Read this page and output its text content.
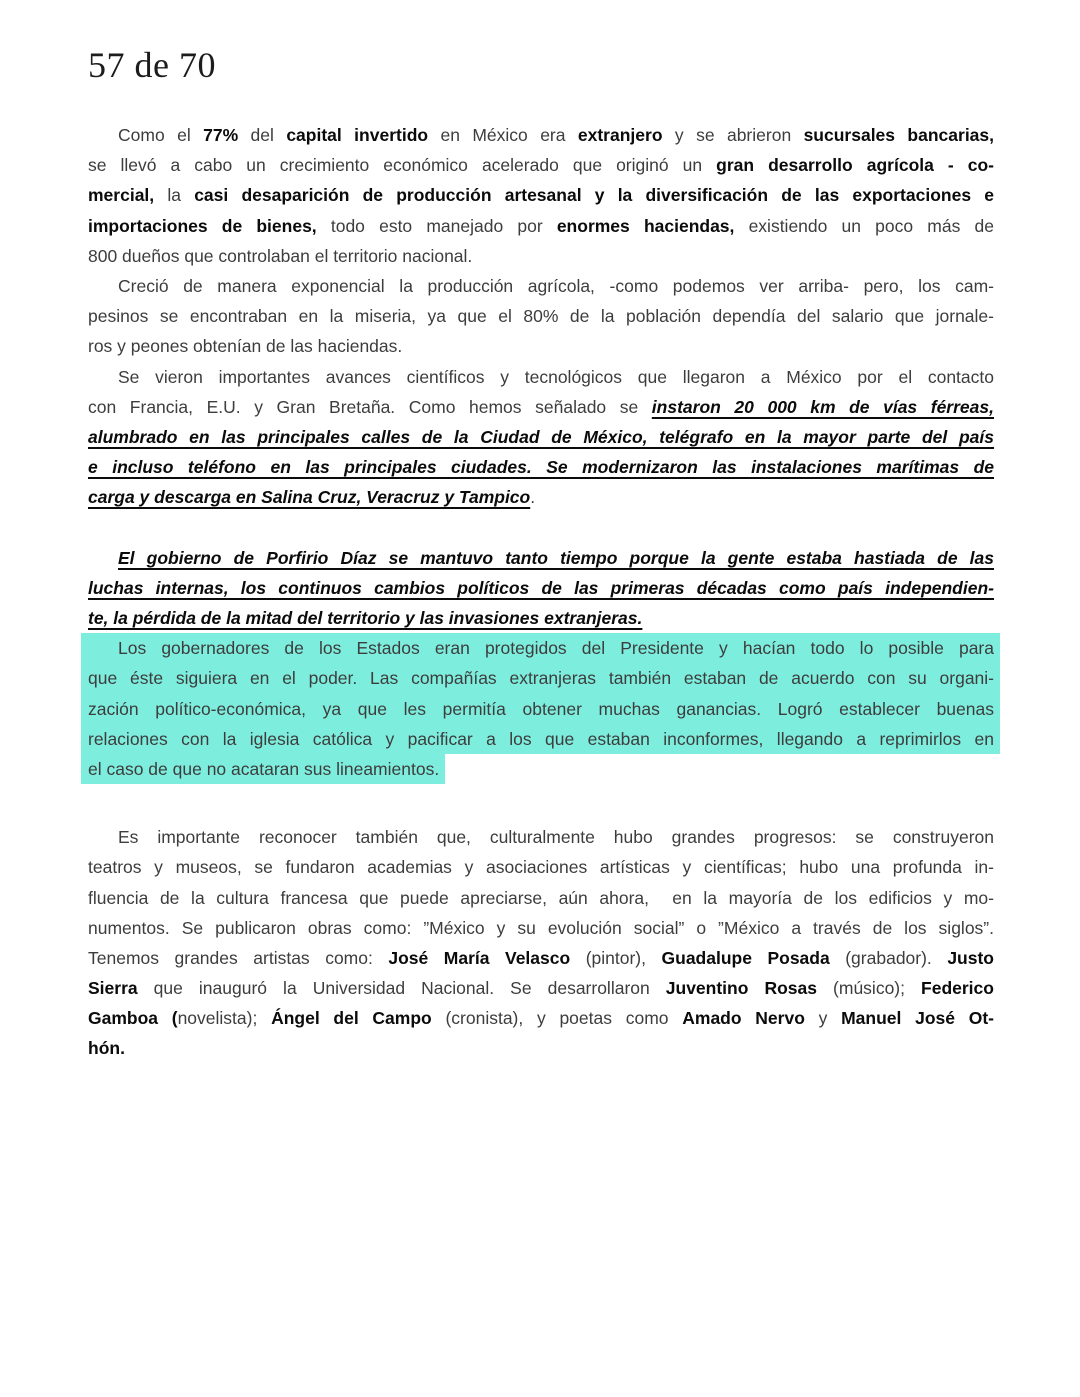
57 de 70
Como el 77% del capital invertido en México era extranjero y se abrieron sucursales bancarias,
se llevó a cabo un crecimiento económico acelerado que originó un gran desarrollo agrícola - co-
mercial, la casi desaparición de producción artesanal y la diversificación de las exportaciones e
importaciones de bienes, todo esto manejado por enormes haciendas, existiendo un poco más de
800 dueños que controlaban el territorio nacional.
Creció de manera exponencial la producción agrícola, -como podemos ver arriba- pero, los cam-
pesinos se encontraban en la miseria, ya que el 80% de la población dependía del salario que jornale-
ros y peones obtenían de las haciendas.
Se vieron importantes avances científicos y tecnológicos que llegaron a México por el contacto
con Francia, E.U. y Gran Bretaña. Como hemos señalado se instaron 20 000 km de vías férreas,
alumbrado en las principales calles de la Ciudad de México, telégrafo en la mayor parte del país
e incluso teléfono en las principales ciudades. Se modernizaron las instalaciones marítimas de
carga y descarga en Salina Cruz, Veracruz y Tampico.
El gobierno de Porfirio Díaz se mantuvo tanto tiempo porque la gente estaba hastiada de las
luchas internas, los continuos cambios políticos de las primeras décadas como país independien-
te, la pérdida de la mitad del territorio y las invasiones extranjeras.
Los gobernadores de los Estados eran protegidos del Presidente y hacían todo lo posible para
que éste siguiera en el poder. Las compañías extranjeras también estaban de acuerdo con su organi-
zación político-económica, ya que les permitía obtener muchas ganancias. Logró establecer buenas
relaciones con la iglesia católica y pacificar a los que estaban inconformes, llegando a reprimirlos en
el caso de que no acataran sus lineamientos.
Es importante reconocer también que, culturalmente hubo grandes progresos: se construyeron
teatros y museos, se fundaron academias y asociaciones artísticas y científicas; hubo una profunda in-
fluencia de la cultura francesa que puede apreciarse, aún ahora,  en la mayoría de los edificios y mo-
numentos. Se publicaron obras como: ”México y su evolución social” o ”México a través de los siglos”.
Tenemos grandes artistas como: José María Velasco (pintor), Guadalupe Posada (grabador). Justo
Sierra que inauguró la Universidad Nacional. Se desarrollaron Juventino Rosas (músico); Federico
Gamboa (novelista); Ángel del Campo (cronista), y poetas como Amado Nervo y Manuel José Ot-
hón.
